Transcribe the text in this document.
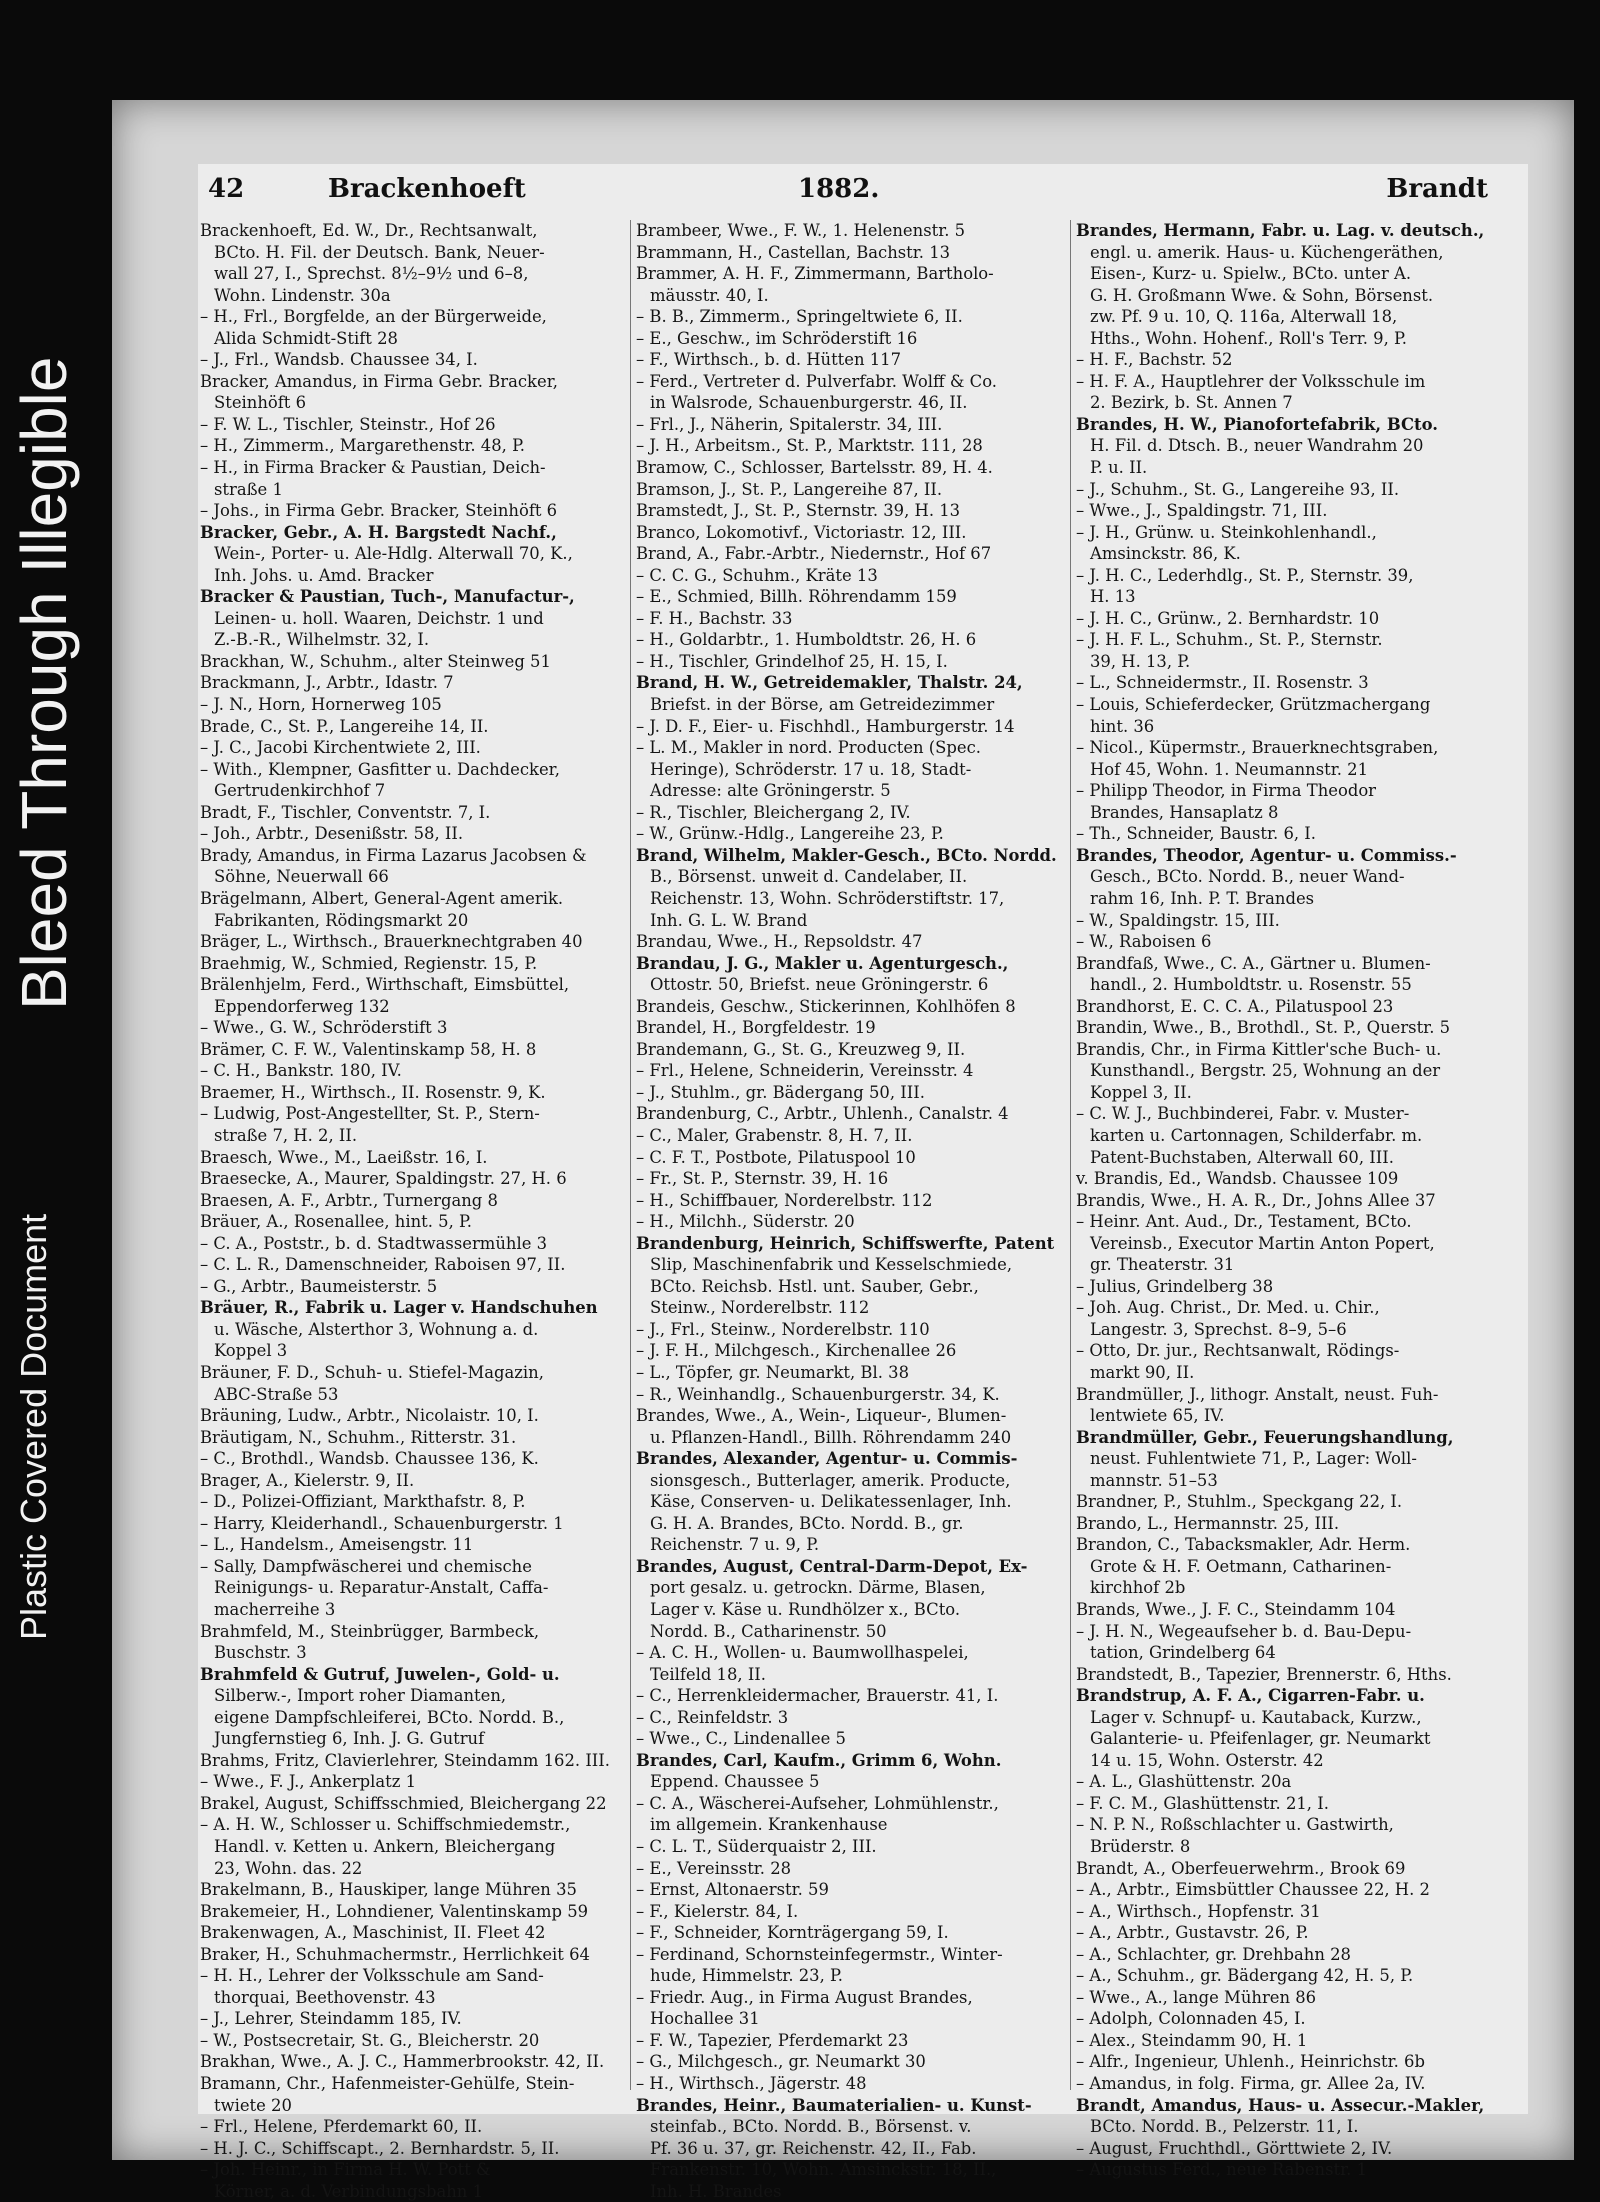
Bleed Through Illegible
Plastic Covered Document
42	Brackenhoeft	1882.	Brandt
Brackenhoeft, Ed. W., Dr., Rechtsanwalt,
BCto. H. Fil. der Deutsch. Bank, Neuer-
wall 27, I., Sprechst. 8½–9½ und 6–8,
Wohn. Lindenstr. 30a
– H., Frl., Borgfelde, an der Bürgerweide,
Alida Schmidt-Stift 28
– J., Frl., Wandsb. Chaussee 34, I.
Bracker, Amandus, in Firma Gebr. Bracker,
Steinhöft 6
– F. W. L., Tischler, Steinstr., Hof 26
– H., Zimmerm., Margarethenstr. 48, P.
– H., in Firma Bracker & Paustian, Deich-
straße 1
– Johs., in Firma Gebr. Bracker, Steinhöft 6
Bracker, Gebr., A. H. Bargstedt Nachf.,
Wein-, Porter- u. Ale-Hdlg. Alterwall 70, K.,
Inh. Johs. u. Amd. Bracker
Bracker & Paustian, Tuch-, Manufactur-,
Leinen- u. holl. Waaren, Deichstr. 1 und
Z.-B.-R., Wilhelmstr. 32, I.
Brackhan, W., Schuhm., alter Steinweg 51
Brackmann, J., Arbtr., Idastr. 7
– J. N., Horn, Hornerweg 105
Brade, C., St. P., Langereihe 14, II.
– J. C., Jacobi Kirchentwiete 2, III.
– With., Klempner, Gasfitter u. Dachdecker,
Gertrudenkirchhof 7
Bradt, F., Tischler, Conventstr. 7, I.
– Joh., Arbtr., Desenißstr. 58, II.
Brady, Amandus, in Firma Lazarus Jacobsen &
Söhne, Neuerwall 66
Brägelmann, Albert, General-Agent amerik.
Fabrikanten, Rödingsmarkt 20
Bräger, L., Wirthsch., Brauerknechtgraben 40
Braehmig, W., Schmied, Regienstr. 15, P.
Brälenhjelm, Ferd., Wirthschaft, Eimsbüttel,
Eppendorferweg 132
– Wwe., G. W., Schröderstift 3
Brämer, C. F. W., Valentinskamp 58, H. 8
– C. H., Bankstr. 180, IV.
Braemer, H., Wirthsch., II. Rosenstr. 9, K.
– Ludwig, Post-Angestellter, St. P., Stern-
straße 7, H. 2, II.
Braesch, Wwe., M., Laeißstr. 16, I.
Braesecke, A., Maurer, Spaldingstr. 27, H. 6
Braesen, A. F., Arbtr., Turnergang 8
Bräuer, A., Rosenallee, hint. 5, P.
– C. A., Poststr., b. d. Stadtwassermühle 3
– C. L. R., Damenschneider, Raboisen 97, II.
– G., Arbtr., Baumeisterstr. 5
Bräuer, R., Fabrik u. Lager v. Handschuhen
u. Wäsche, Alsterthor 3, Wohnung a. d.
Koppel 3
Bräuner, F. D., Schuh- u. Stiefel-Magazin,
ABC-Straße 53
Bräuning, Ludw., Arbtr., Nicolaistr. 10, I.
Bräutigam, N., Schuhm., Ritterstr. 31.
– C., Brothdl., Wandsb. Chaussee 136, K.
Brager, A., Kielerstr. 9, II.
– D., Polizei-Offiziant, Markthafstr. 8, P.
– Harry, Kleiderhandl., Schauenburgerstr. 1
– L., Handelsm., Ameisengstr. 11
– Sally, Dampfwäscherei und chemische
Reinigungs- u. Reparatur-Anstalt, Caffa-
macherreihe 3
Brahmfeld, M., Steinbrügger, Barmbeck,
Buschstr. 3
Brahmfeld & Gutruf, Juwelen-, Gold- u.
Silberw.-, Import roher Diamanten,
eigene Dampfschleiferei, BCto. Nordd. B.,
Jungfernstieg 6, Inh. J. G. Gutruf
Brahms, Fritz, Clavierlehrer, Steindamm 162. III.
– Wwe., F. J., Ankerplatz 1
Brakel, August, Schiffsschmied, Bleichergang 22
– A. H. W., Schlosser u. Schiffschmiedemstr.,
Handl. v. Ketten u. Ankern, Bleichergang
23, Wohn. das. 22
Brakelmann, B., Hauskiper, lange Mühren 35
Brakemeier, H., Lohndiener, Valentinskamp 59
Brakenwagen, A., Maschinist, II. Fleet 42
Braker, H., Schuhmachermstr., Herrlichkeit 64
– H. H., Lehrer der Volksschule am Sand-
thorquai, Beethovenstr. 43
– J., Lehrer, Steindamm 185, IV.
– W., Postsecretair, St. G., Bleicherstr. 20
Brakhan, Wwe., A. J. C., Hammerbrookstr. 42, II.
Bramann, Chr., Hafenmeister-Gehülfe, Stein-
twiete 20
– Frl., Helene, Pferdemarkt 60, II.
– H. J. C., Schiffscapt., 2. Bernhardstr. 5, II.
– Joh. Heinr., in Firma H. W. Pott &
Körner, a. d. Verbindungsbahn 1
Brambeer, Wwe., F. W., 1. Helenenstr. 5
Brammann, H., Castellan, Bachstr. 13
Brammer, A. H. F., Zimmermann, Bartholo-
mäusstr. 40, I.
– B. B., Zimmerm., Springeltwiete 6, II.
– E., Geschw., im Schröderstift 16
– F., Wirthsch., b. d. Hütten 117
– Ferd., Vertreter d. Pulverfabr. Wolff & Co.
in Walsrode, Schauenburgerstr. 46, II.
– Frl., J., Näherin, Spitalerstr. 34, III.
– J. H., Arbeitsm., St. P., Marktstr. 111, 28
Bramow, C., Schlosser, Bartelsstr. 89, H. 4.
Bramson, J., St. P., Langereihe 87, II.
Bramstedt, J., St. P., Sternstr. 39, H. 13
Branco, Lokomotivf., Victoriastr. 12, III.
Brand, A., Fabr.-Arbtr., Niedernstr., Hof 67
– C. C. G., Schuhm., Kräte 13
– E., Schmied, Billh. Röhrendamm 159
– F. H., Bachstr. 33
– H., Goldarbtr., 1. Humboldtstr. 26, H. 6
– H., Tischler, Grindelhof 25, H. 15, I.
Brand, H. W., Getreidemakler, Thalstr. 24,
Briefst. in der Börse, am Getreidezimmer
– J. D. F., Eier- u. Fischhdl., Hamburgerstr. 14
– L. M., Makler in nord. Producten (Spec.
Heringe), Schröderstr. 17 u. 18, Stadt-
Adresse: alte Gröningerstr. 5
– R., Tischler, Bleichergang 2, IV.
– W., Grünw.-Hdlg., Langereihe 23, P.
Brand, Wilhelm, Makler-Gesch., BCto. Nordd.
B., Börsenst. unweit d. Candelaber, II.
Reichenstr. 13, Wohn. Schröderstiftstr. 17,
Inh. G. L. W. Brand
Brandau, Wwe., H., Repsoldstr. 47
Brandau, J. G., Makler u. Agenturgesch.,
Ottostr. 50, Briefst. neue Gröningerstr. 6
Brandeis, Geschw., Stickerinnen, Kohlhöfen 8
Brandel, H., Borgfeldestr. 19
Brandemann, G., St. G., Kreuzweg 9, II.
– Frl., Helene, Schneiderin, Vereinsstr. 4
– J., Stuhlm., gr. Bädergang 50, III.
Brandenburg, C., Arbtr., Uhlenh., Canalstr. 4
– C., Maler, Grabenstr. 8, H. 7, II.
– C. F. T., Postbote, Pilatuspool 10
– Fr., St. P., Sternstr. 39, H. 16
– H., Schiffbauer, Norderelbstr. 112
– H., Milchh., Süderstr. 20
Brandenburg, Heinrich, Schiffswerfte, Patent
Slip, Maschinenfabrik und Kesselschmiede,
BCto. Reichsb. Hstl. unt. Sauber, Gebr.,
Steinw., Norderelbstr. 112
– J., Frl., Steinw., Norderelbstr. 110
– J. F. H., Milchgesch., Kirchenallee 26
– L., Töpfer, gr. Neumarkt, Bl. 38
– R., Weinhandlg., Schauenburgerstr. 34, K.
Brandes, Wwe., A., Wein-, Liqueur-, Blumen-
u. Pflanzen-Handl., Billh. Röhrendamm 240
Brandes, Alexander, Agentur- u. Commis-
sionsgesch., Butterlager, amerik. Producte,
Käse, Conserven- u. Delikatessenlager, Inh.
G. H. A. Brandes, BCto. Nordd. B., gr.
Reichenstr. 7 u. 9, P.
Brandes, August, Central-Darm-Depot, Ex-
port gesalz. u. getrockn. Därme, Blasen,
Lager v. Käse u. Rundhölzer x., BCto.
Nordd. B., Catharinenstr. 50
– A. C. H., Wollen- u. Baumwollhaspelei,
Teilfeld 18, II.
– C., Herrenkleidermacher, Brauerstr. 41, I.
– C., Reinfeldstr. 3
– Wwe., C., Lindenallee 5
Brandes, Carl, Kaufm., Grimm 6, Wohn.
Eppend. Chaussee 5
– C. A., Wäscherei-Aufseher, Lohmühlenstr.,
im allgemein. Krankenhause
– C. L. T., Süderquaistr 2, III.
– E., Vereinsstr. 28
– Ernst, Altonaerstr. 59
– F., Kielerstr. 84, I.
– F., Schneider, Kornträgergang 59, I.
– Ferdinand, Schornsteinfegermstr., Winter-
hude, Himmelstr. 23, P.
– Friedr. Aug., in Firma August Brandes,
Hochallee 31
– F. W., Tapezier, Pferdemarkt 23
– G., Milchgesch., gr. Neumarkt 30
– H., Wirthsch., Jägerstr. 48
Brandes, Heinr., Baumaterialien- u. Kunst-
steinfab., BCto. Nordd. B., Börsenst. v.
Pf. 36 u. 37, gr. Reichenstr. 42, II., Fab.
Frankenstr. 10, Wohn. Amsinckstr. 18, II.,
Inh. H. Brandes
Brandes, Hermann, Fabr. u. Lag. v. deutsch.,
engl. u. amerik. Haus- u. Küchengeräthen,
Eisen-, Kurz- u. Spielw., BCto. unter A.
G. H. Großmann Wwe. & Sohn, Börsenst.
zw. Pf. 9 u. 10, Q. 116a, Alterwall 18,
Hths., Wohn. Hohenf., Roll's Terr. 9, P.
– H. F., Bachstr. 52
– H. F. A., Hauptlehrer der Volksschule im
2. Bezirk, b. St. Annen 7
Brandes, H. W., Pianofortefabrik, BCto.
H. Fil. d. Dtsch. B., neuer Wandrahm 20
P. u. II.
– J., Schuhm., St. G., Langereihe 93, II.
– Wwe., J., Spaldingstr. 71, III.
– J. H., Grünw. u. Steinkohlenhandl.,
Amsinckstr. 86, K.
– J. H. C., Lederhdlg., St. P., Sternstr. 39,
H. 13
– J. H. C., Grünw., 2. Bernhardstr. 10
– J. H. F. L., Schuhm., St. P., Sternstr.
39, H. 13, P.
– L., Schneidermstr., II. Rosenstr. 3
– Louis, Schieferdecker, Grützmachergang
hint. 36
– Nicol., Küpermstr., Brauerknechtsgraben,
Hof 45, Wohn. 1. Neumannstr. 21
– Philipp Theodor, in Firma Theodor
Brandes, Hansaplatz 8
– Th., Schneider, Baustr. 6, I.
Brandes, Theodor, Agentur- u. Commiss.-
Gesch., BCto. Nordd. B., neuer Wand-
rahm 16, Inh. P. T. Brandes
– W., Spaldingstr. 15, III.
– W., Raboisen 6
Brandfaß, Wwe., C. A., Gärtner u. Blumen-
handl., 2. Humboldtstr. u. Rosenstr. 55
Brandhorst, E. C. C. A., Pilatuspool 23
Brandin, Wwe., B., Brothdl., St. P., Querstr. 5
Brandis, Chr., in Firma Kittler'sche Buch- u.
Kunsthandl., Bergstr. 25, Wohnung an der
Koppel 3, II.
– C. W. J., Buchbinderei, Fabr. v. Muster-
karten u. Cartonnagen, Schilderfabr. m.
Patent-Buchstaben, Alterwall 60, III.
v. Brandis, Ed., Wandsb. Chaussee 109
Brandis, Wwe., H. A. R., Dr., Johns Allee 37
– Heinr. Ant. Aud., Dr., Testament, BCto.
Vereinsb., Executor Martin Anton Popert,
gr. Theaterstr. 31
– Julius, Grindelberg 38
– Joh. Aug. Christ., Dr. Med. u. Chir.,
Langestr. 3, Sprechst. 8–9, 5–6
– Otto, Dr. jur., Rechtsanwalt, Rödings-
markt 90, II.
Brandmüller, J., lithogr. Anstalt, neust. Fuh-
lentwiete 65, IV.
Brandmüller, Gebr., Feuerungshandlung,
neust. Fuhlentwiete 71, P., Lager: Woll-
mannstr. 51–53
Brandner, P., Stuhlm., Speckgang 22, I.
Brando, L., Hermannstr. 25, III.
Brandon, C., Tabacksmakler, Adr. Herm.
Grote & H. F. Oetmann, Catharinen-
kirchhof 2b
Brands, Wwe., J. F. C., Steindamm 104
– J. H. N., Wegeaufseher b. d. Bau-Depu-
tation, Grindelberg 64
Brandstedt, B., Tapezier, Brennerstr. 6, Hths.
Brandstrup, A. F. A., Cigarren-Fabr. u.
Lager v. Schnupf- u. Kautaback, Kurzw.,
Galanterie- u. Pfeifenlager, gr. Neumarkt
14 u. 15, Wohn. Osterstr. 42
– A. L., Glashüttenstr. 20a
– F. C. M., Glashüttenstr. 21, I.
– N. P. N., Roßschlachter u. Gastwirth,
Brüderstr. 8
Brandt, A., Oberfeuerwehrm., Brook 69
– A., Arbtr., Eimsbüttler Chaussee 22, H. 2
– A., Wirthsch., Hopfenstr. 31
– A., Arbtr., Gustavstr. 26, P.
– A., Schlachter, gr. Drehbahn 28
– A., Schuhm., gr. Bädergang 42, H. 5, P.
– Wwe., A., lange Mühren 86
– Adolph, Colonnaden 45, I.
– Alex., Steindamm 90, H. 1
– Alfr., Ingenieur, Uhlenh., Heinrichstr. 6b
– Amandus, in folg. Firma, gr. Allee 2a, IV.
Brandt, Amandus, Haus- u. Assecur.-Makler,
BCto. Nordd. B., Pelzerstr. 11, I.
– August, Fruchthdl., Görttwiete 2, IV.
– Augustus Ferd., neue Rabenstr. 1
